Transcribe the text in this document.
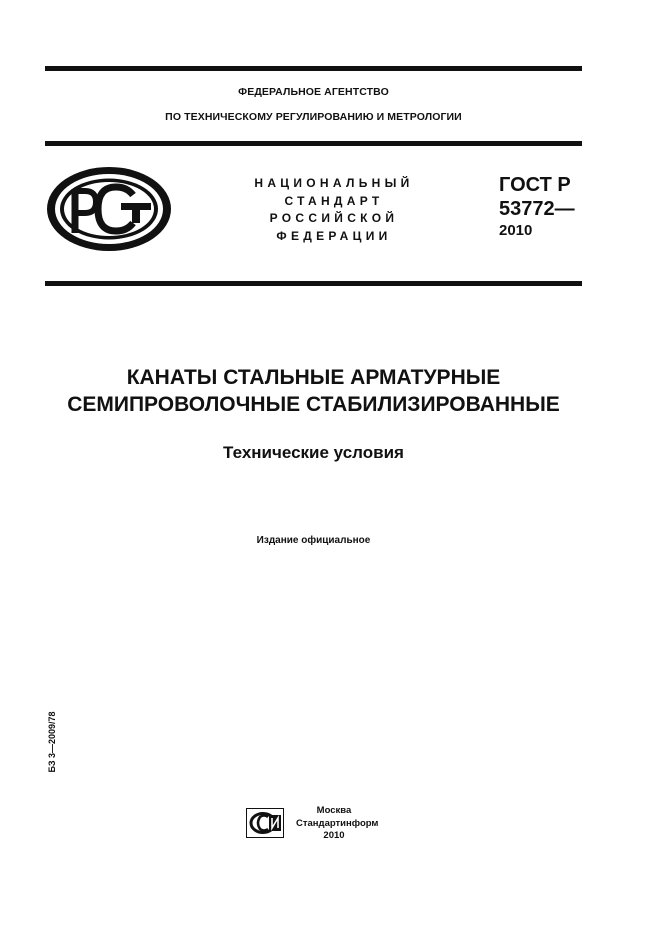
ФЕДЕРАЛЬНОЕ АГЕНТСТВО
ПО ТЕХНИЧЕСКОМУ РЕГУЛИРОВАНИЮ И МЕТРОЛОГИИ
НАЦИОНАЛЬНЫЙ
СТАНДАРТ
РОССИЙСКОЙ
ФЕДЕРАЦИИ
ГОСТ Р
53772—
2010
КАНАТЫ СТАЛЬНЫЕ АРМАТУРНЫЕ
СЕМИПРОВОЛОЧНЫЕ СТАБИЛИЗИРОВАННЫЕ
Технические условия
Издание официальное
БЗ 3—2009/78
Москва
Стандартинформ
2010
